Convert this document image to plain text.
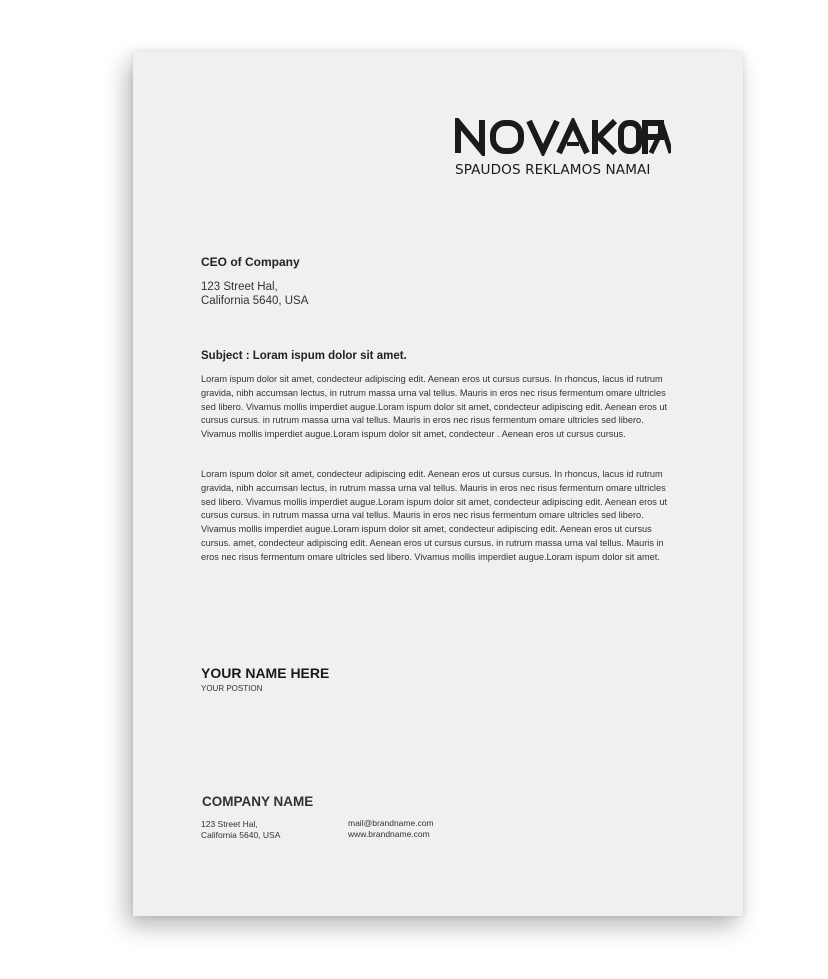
SPAUDOS REKLAMOS NAMAI
CEO of Company
123 Street Hal,
California 5640, USA
Subject : Loram ispum dolor sit amet.
Loram ispum dolor sit amet, condecteur adipiscing edit. Aenean eros ut cursus cursus. In rhoncus, lacus id rutrum gravida, nibh accumsan lectus, in rutrum massa urna val tellus. Mauris in eros nec risus fermentum omare ultricles sed libero. Vivamus mollis imperdiet augue.Loram ispum dolor sit amet, condecteur adipiscing edit. Aenean eros ut cursus cursus. in rutrum massa urna val tellus. Mauris in eros nec risus fermentum omare ultricles sed libero. Vivamus mollis imperdiet augue.Loram ispum dolor sit amet, condecteur . Aenean eros ut cursus cursus.
Loram ispum dolor sit amet, condecteur adipiscing edit. Aenean eros ut cursus cursus. In rhoncus, lacus id rutrum gravida, nibh accumsan lectus, in rutrum massa urna val tellus. Mauris in eros nec risus fermentum omare ultricles sed libero. Vivamus mollis imperdiet augue.Loram ispum dolor sit amet, condecteur adipiscing edit. Aenean eros ut cursus cursus. in rutrum massa urna val tellus. Mauris in eros nec risus fermentum omare ultricles sed libero. Vivamus mollis imperdiet augue.Loram ispum dolor sit amet, condecteur adipiscing edit. Aenean eros ut cursus cursus. amet, condecteur adipiscing edit. Aenean eros ut cursus cursus. in rutrum massa urna val tellus. Mauris in eros nec risus fermentum omare ultricles sed libero. Vivamus mollis imperdiet augue.Loram ispum dolor sit amet.
YOUR NAME HERE
YOUR POSTION
COMPANY NAME
123 Street Hal,
California 5640, USA
mail@brandname.com
www.brandname.com
